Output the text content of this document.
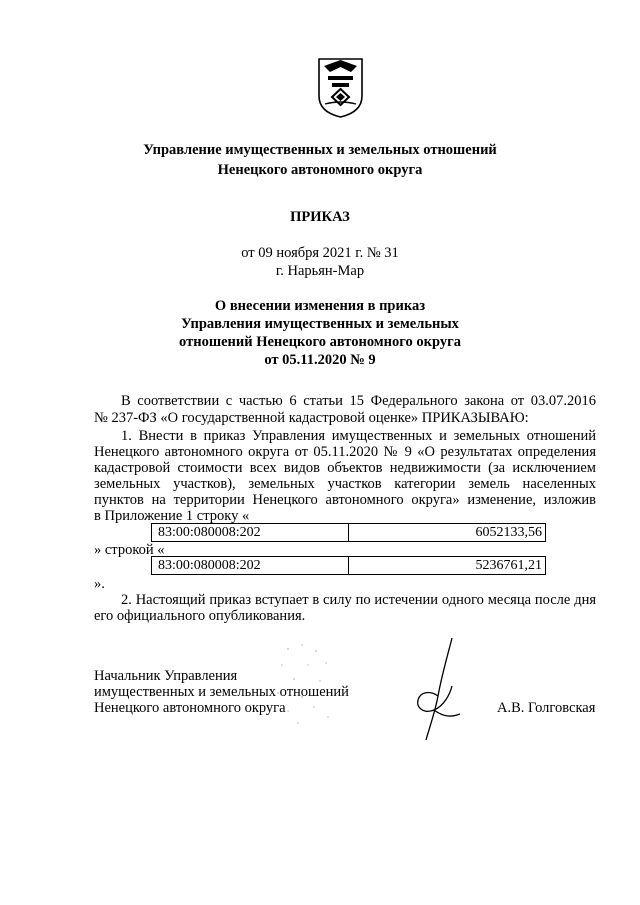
Управление имущественных и земельных отношений
Ненецкого автономного округа
ПРИКАЗ
от 09 ноября 2021 г. № 31
г. Нарьян-Мар
О внесении изменения в приказ
Управления имущественных и земельных
отношений Ненецкого автономного округа
от 05.11.2020 № 9
В соответствии с частью 6 статьи 15 Федерального закона от 03.07.2016
№ 237-ФЗ «О государственной кадастровой оценке» ПРИКАЗЫВАЮ:
1. Внести в приказ Управления имущественных и земельных отношений
Ненецкого автономного округа от 05.11.2020 № 9 «О результатах определения
кадастровой стоимости всех видов объектов недвижимости (за исключением
земельных участков), земельных участков категории земель населенных
пунктов на территории Ненецкого автономного округа» изменение, изложив
в Приложение 1 строку «
83:00:080008:202	6052133,56
» строкой «
83:00:080008:202	5236761,21
».
2. Настоящий приказ вступает в силу по истечении одного месяца после дня
его официального опубликования.
Начальник Управления
имущественных и земельных отношений
Ненецкого автономного округа	А.В. Голговская
